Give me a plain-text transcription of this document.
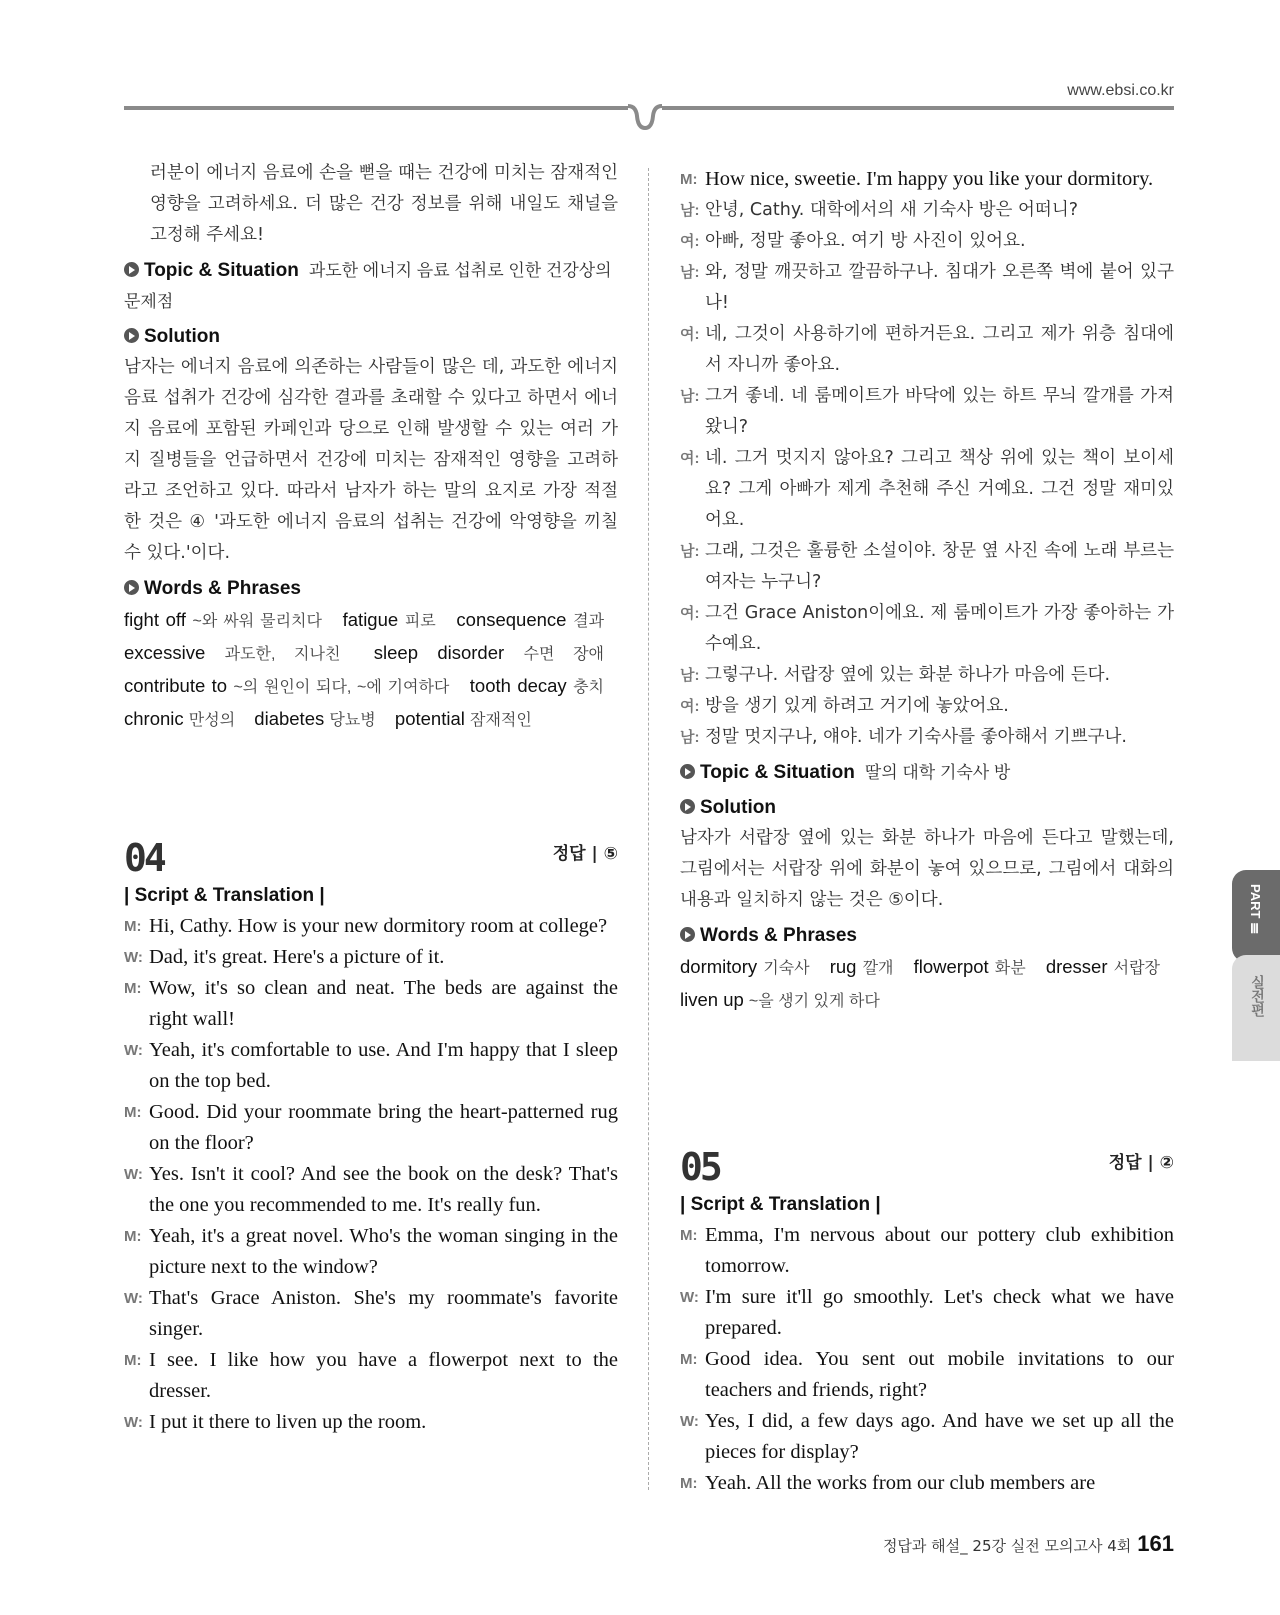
www.ebsi.co.kr
러분이 에너지 음료에 손을 뻗을 때는 건강에 미치는 잠재적인 영향을 고려하세요. 더 많은 건강 정보를 위해 내일도 채널을 고정해 주세요!
Topic & Situation 과도한 에너지 음료 섭취로 인한 건강상의 문제점
Solution
남자는 에너지 음료에 의존하는 사람들이 많은 데, 과도한 에너지 음료 섭취가 건강에 심각한 결과를 초래할 수 있다고 하면서 에너지 음료에 포함된 카페인과 당으로 인해 발생할 수 있는 여러 가지 질병들을 언급하면서 건강에 미치는 잠재적인 영향을 고려하라고 조언하고 있다. 따라서 남자가 하는 말의 요지로 가장 적절한 것은 ④ '과도한 에너지 음료의 섭취는 건강에 악영향을 끼칠 수 있다.'이다.
Words & Phrases
fight off ~와 싸워 물리치다 fatigue 피로 consequence 결과 excessive 과도한, 지나친 sleep disorder 수면 장애 contribute to ~의 원인이 되다, ~에 기여하다 tooth decay 충치 chronic 만성의 diabetes 당뇨병 potential 잠재적인
04	정답 | ⑤
| Script & Translation |
M: Hi, Cathy. How is your new dormitory room at college?
W: Dad, it's great. Here's a picture of it.
M: Wow, it's so clean and neat. The beds are against the right wall!
W: Yeah, it's comfortable to use. And I'm happy that I sleep on the top bed.
M: Good. Did your roommate bring the heart-patterned rug on the floor?
W: Yes. Isn't it cool? And see the book on the desk? That's the one you recommended to me. It's really fun.
M: Yeah, it's a great novel. Who's the woman singing in the picture next to the window?
W: That's Grace Aniston. She's my roommate's favorite singer.
M: I see. I like how you have a flowerpot next to the dresser.
W: I put it there to liven up the room.
M: How nice, sweetie. I'm happy you like your dormitory.
남: 안녕, Cathy. 대학에서의 새 기숙사 방은 어떠니?
여: 아빠, 정말 좋아요. 여기 방 사진이 있어요.
남: 와, 정말 깨끗하고 깔끔하구나. 침대가 오른쪽 벽에 붙어 있구나!
여: 네, 그것이 사용하기에 편하거든요. 그리고 제가 위층 침대에서 자니까 좋아요.
남: 그거 좋네. 네 룸메이트가 바닥에 있는 하트 무늬 깔개를 가져왔니?
여: 네. 그거 멋지지 않아요? 그리고 책상 위에 있는 책이 보이세요? 그게 아빠가 제게 추천해 주신 거예요. 그건 정말 재미있어요.
남: 그래, 그것은 훌륭한 소설이야. 창문 옆 사진 속에 노래 부르는 여자는 누구니?
여: 그건 Grace Aniston이에요. 제 룸메이트가 가장 좋아하는 가수예요.
남: 그렇구나. 서랍장 옆에 있는 화분 하나가 마음에 든다.
여: 방을 생기 있게 하려고 거기에 놓았어요.
남: 정말 멋지구나, 얘야. 네가 기숙사를 좋아해서 기쁘구나.
Topic & Situation 딸의 대학 기숙사 방
Solution
남자가 서랍장 옆에 있는 화분 하나가 마음에 든다고 말했는데, 그림에서는 서랍장 위에 화분이 놓여 있으므로, 그림에서 대화의 내용과 일치하지 않는 것은 ⑤이다.
Words & Phrases
dormitory 기숙사 rug 깔개 flowerpot 화분 dresser 서랍장 liven up ~을 생기 있게 하다
05	정답 | ②
| Script & Translation |
M: Emma, I'm nervous about our pottery club exhibition tomorrow.
W: I'm sure it'll go smoothly. Let's check what we have prepared.
M: Good idea. You sent out mobile invitations to our teachers and friends, right?
W: Yes, I did, a few days ago. And have we set up all the pieces for display?
M: Yeah. All the works from our club members are
PART Ⅲ
실전편
정답과 해설_ 25강 실전 모의고사 4회 161
